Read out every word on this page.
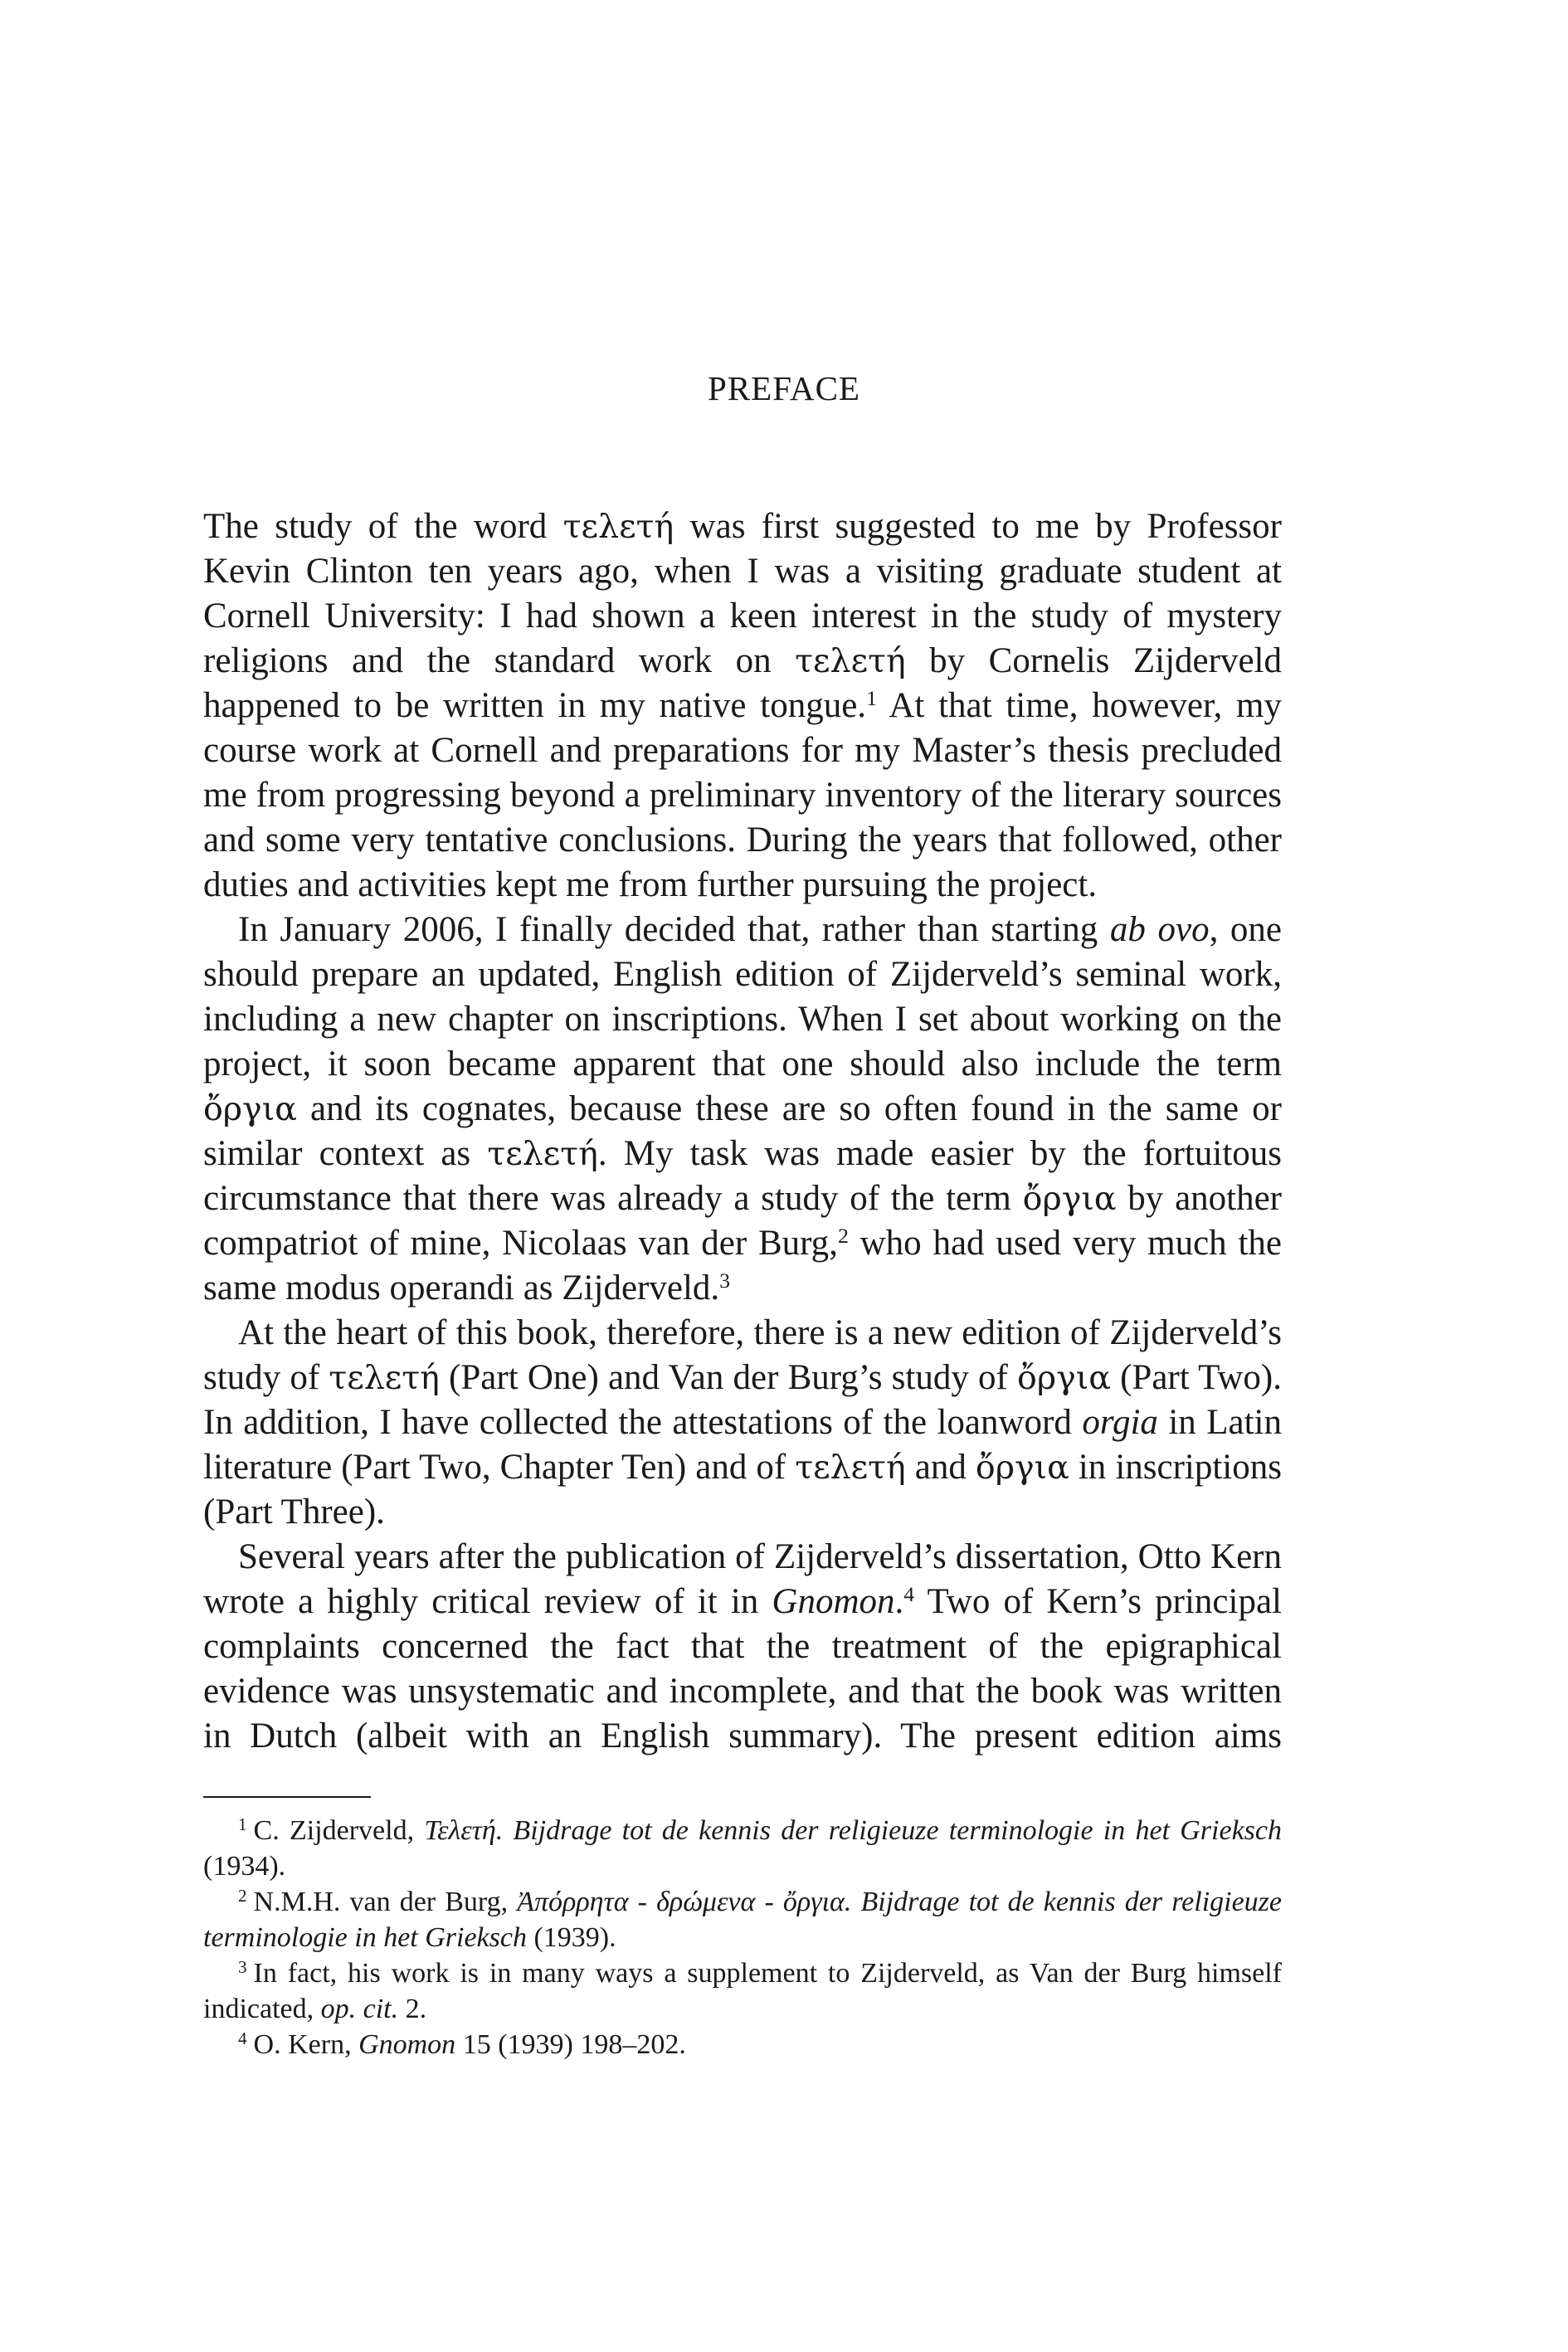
PREFACE

The study of the word τελετή was first suggested to me by Professor Kevin Clinton ten years ago, when I was a visiting graduate student at Cornell University: I had shown a keen interest in the study of mystery religions and the standard work on τελετή by Cornelis Zijderveld happened to be written in my native tongue.$^1$ At that time, however, my course work at Cornell and preparations for my Master’s thesis precluded me from progressing beyond a preliminary inventory of the literary sources and some very tentative conclusions. During the years that followed, other duties and activities kept me from further pursuing the project.

In January 2006, I finally decided that, rather than starting ab ovo, one should prepare an updated, English edition of Zijderveld’s seminal work, including a new chapter on inscriptions. When I set about working on the project, it soon became apparent that one should also include the term ὄργια and its cognates, because these are so often found in the same or similar context as τελετή. My task was made easier by the fortuitous circumstance that there was already a study of the term ὄργια by another compatriot of mine, Nicolaas van der Burg,$^2$ who had used very much the same modus operandi as Zijderveld.$^3$

At the heart of this book, therefore, there is a new edition of Zijderveld’s study of τελετή (Part One) and Van der Burg’s study of ὄργια (Part Two). In addition, I have collected the attestations of the loanword orgia in Latin literature (Part Two, Chapter Ten) and of τελετή and ὄργια in inscriptions (Part Three).

Several years after the publication of Zijderveld’s dissertation, Otto Kern wrote a highly critical review of it in Gnomon.$^4$ Two of Kern’s principal complaints concerned the fact that the treatment of the epigraphical evidence was unsystematic and incomplete, and that the book was written in Dutch (albeit with an English summary). The present edition aims

$^1$ C. Zijderveld, Τελετή. Bijdrage tot de kennis der religieuze terminologie in het Grieksch (1934).

$^2$ N.M.H. van der Burg, Ἀπόρρητα - δρώμενα - ὄργια. Bijdrage tot de kennis der religieuze terminologie in het Grieksch (1939).

$^3$ In fact, his work is in many ways a supplement to Zijderveld, as Van der Burg himself indicated, op. cit. 2.

$^4$ O. Kern, Gnomon 15 (1939) 198–202.
